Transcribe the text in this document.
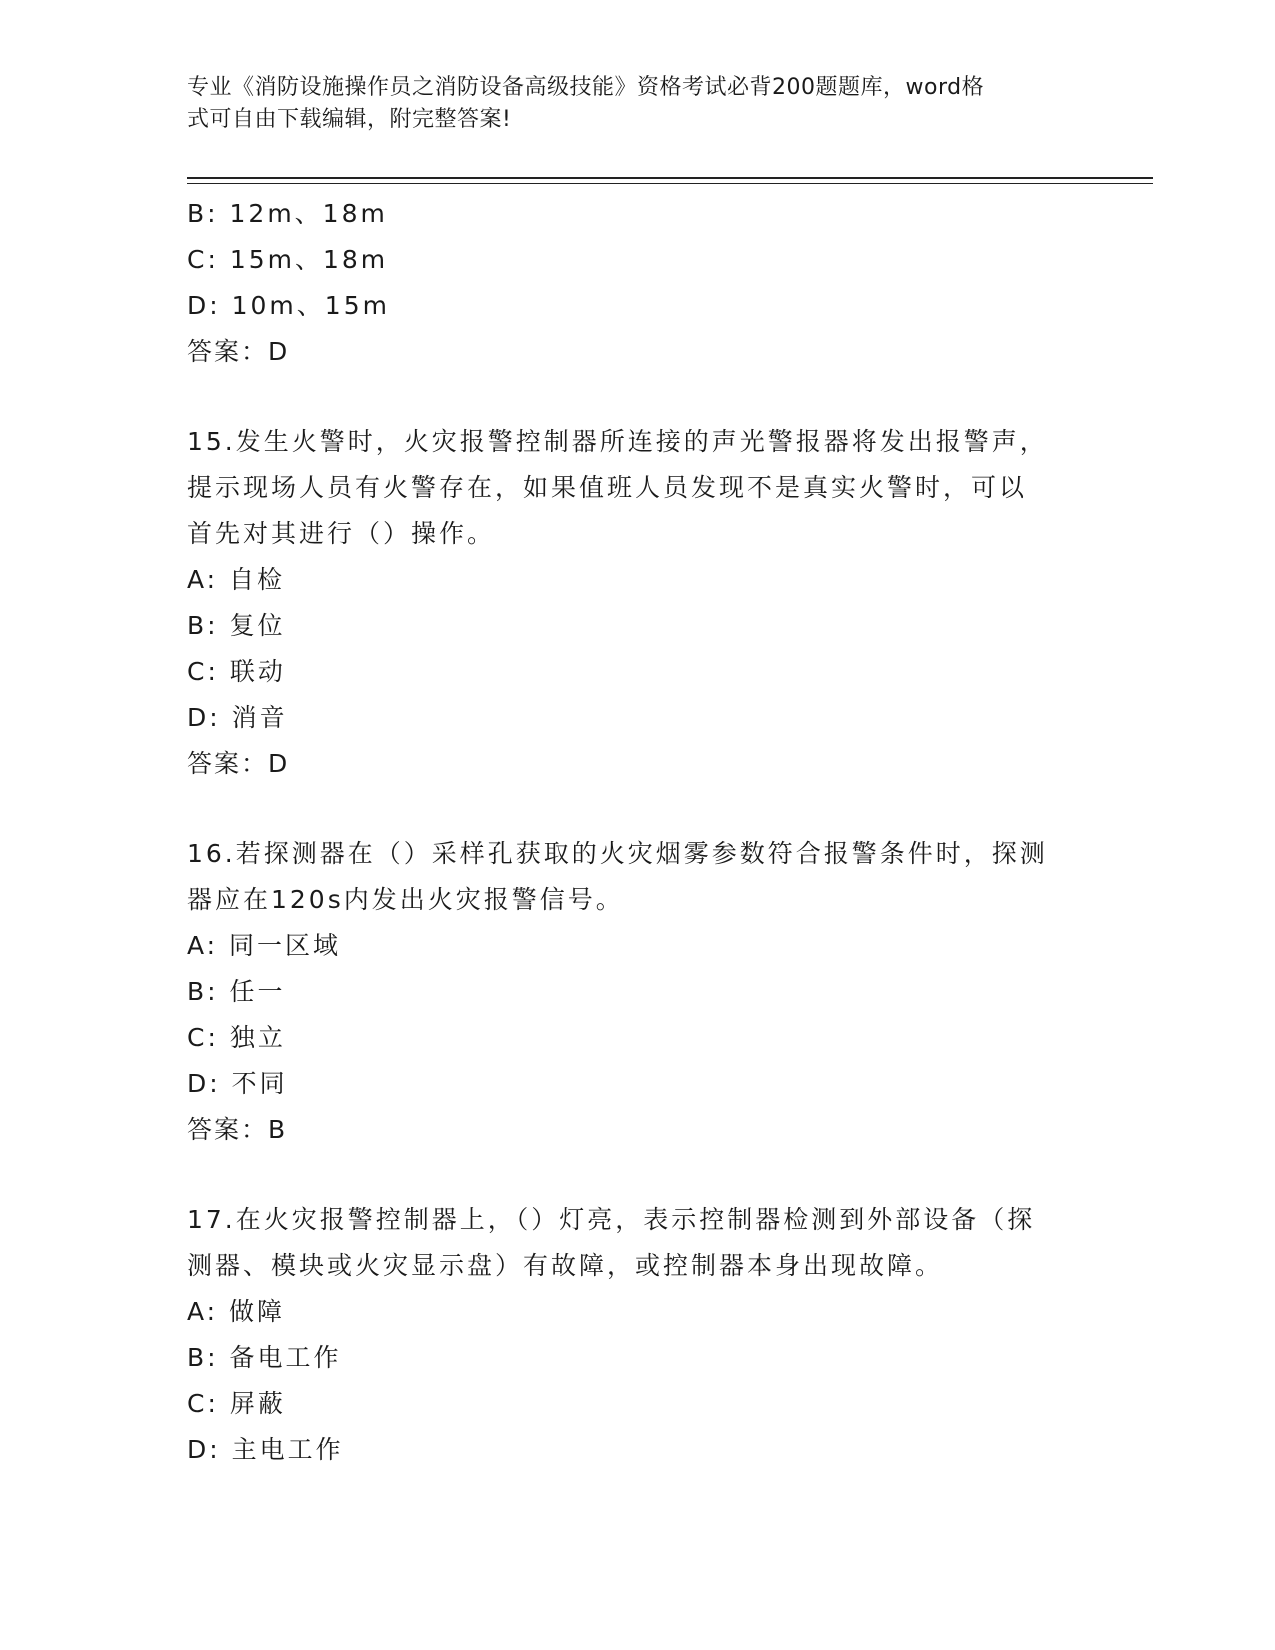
专业《消防设施操作员之消防设备高级技能》资格考试必背200题题库，word格
式可自由下载编辑，附完整答案!
B: 12m、18m
C: 15m、18m
D: 10m、15m
答案：D
15.发生火警时，火灾报警控制器所连接的声光警报器将发出报警声，
提示现场人员有火警存在，如果值班人员发现不是真实火警时，可以
首先对其进行（）操作。
A: 自检
B: 复位
C: 联动
D: 消音
答案：D
16.若探测器在（）采样孔获取的火灾烟雾参数符合报警条件时，探测
器应在120s内发出火灾报警信号。
A: 同一区域
B: 任一
C: 独立
D: 不同
答案：B
17.在火灾报警控制器上，（）灯亮，表示控制器检测到外部设备（探
测器、模块或火灾显示盘）有故障，或控制器本身出现故障。
A: 做障
B: 备电工作
C: 屏蔽
D: 主电工作
